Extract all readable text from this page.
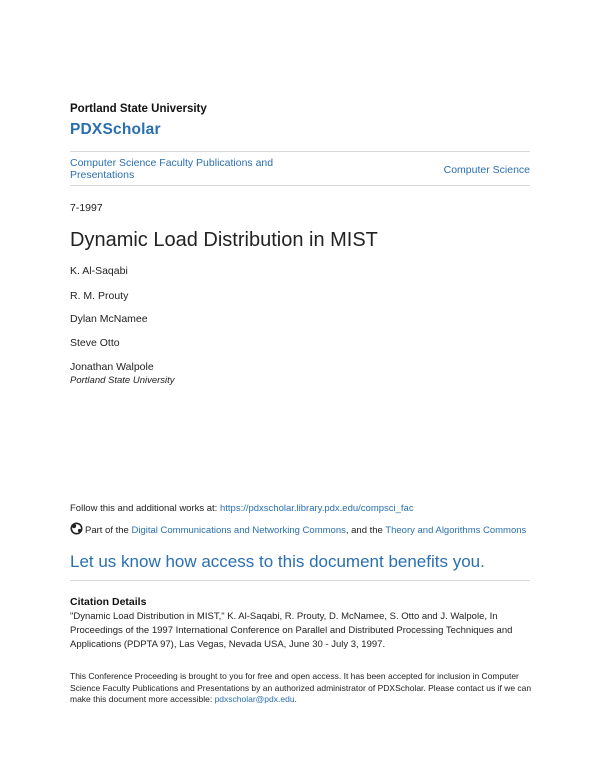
Portland State University
PDXScholar
Computer Science Faculty Publications and Presentations	Computer Science
7-1997
Dynamic Load Distribution in MIST
K. Al-Saqabi
R. M. Prouty
Dylan McNamee
Steve Otto
Jonathan Walpole
Portland State University
Follow this and additional works at: https://pdxscholar.library.pdx.edu/compsci_fac
Part of the Digital Communications and Networking Commons, and the Theory and Algorithms Commons
Let us know how access to this document benefits you.
Citation Details
"Dynamic Load Distribution in MIST," K. Al-Saqabi, R. Prouty, D. McNamee, S. Otto and J. Walpole, In Proceedings of the 1997 International Conference on Parallel and Distributed Processing Techniques and Applications (PDPTA 97), Las Vegas, Nevada USA, June 30 - July 3, 1997.
This Conference Proceeding is brought to you for free and open access. It has been accepted for inclusion in Computer Science Faculty Publications and Presentations by an authorized administrator of PDXScholar. Please contact us if we can make this document more accessible: pdxscholar@pdx.edu.
